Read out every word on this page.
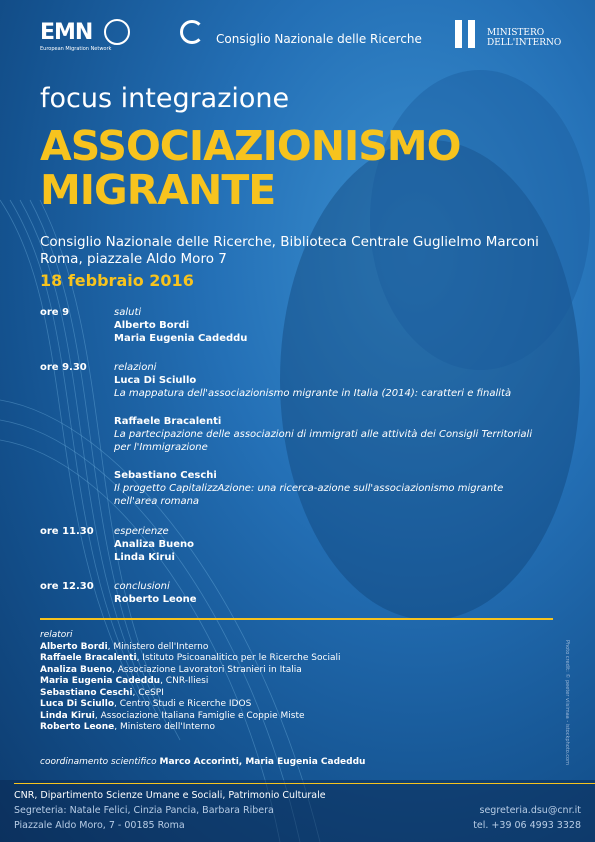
EMN
European Migration Network
Consiglio Nazionale delle Ricerche	MINISTERO
DELL'INTERNO
focus integrazione
ASSOCIAZIONISMO
MIGRANTE
Consiglio Nazionale delle Ricerche, Biblioteca Centrale Guglielmo Marconi
Roma, piazzale Aldo Moro 7
18 febbraio 2016
ore 9	saluti
Alberto Bordi
Maria Eugenia Cadeddu
ore 9.30	relazioni
Luca Di Sciullo
La mappatura dell'associazionismo migrante in Italia (2014): caratteri e finalità
Raffaele Bracalenti
La partecipazione delle associazioni di immigrati alle attività dei Consigli Territoriali
per l'Immigrazione
Sebastiano Ceschi
Il progetto CapitalizzAzione: una ricerca-azione sull'associazionismo migrante
nell'area romana
ore 11.30	esperienze
Analiza Bueno
Linda Kirui
ore 12.30	conclusioni
Roberto Leone
relatori
Alberto Bordi, Ministero dell'Interno
Raffaele Bracalenti, Istituto Psicoanalitico per le Ricerche Sociali
Analiza Bueno, Associazione Lavoratori Stranieri in Italia
Maria Eugenia Cadeddu, CNR-Iliesi
Sebastiano Ceschi, CeSPI
Luca Di Sciullo, Centro Studi e Ricerche IDOS
Linda Kirui, Associazione Italiana Famiglie e Coppie Miste
Roberto Leone, Ministero dell'Interno
coordinamento scientifico Marco Accorinti, Maria Eugenia Cadeddu	Photo credit: © peeter viisimaa - istockphoto.com
CNR, Dipartimento Scienze Umane e Sociali, Patrimonio Culturale
Segreteria: Natale Felici, Cinzia Pancia, Barbara Ribera
Piazzale Aldo Moro, 7 - 00185 Roma
segreteria.dsu@cnr.it
tel. +39 06 4993 3328
